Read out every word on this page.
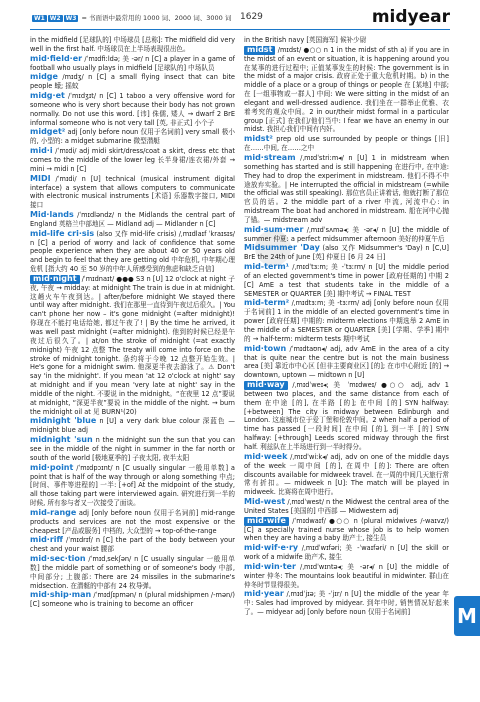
W1 W2 W3 = 书面语中最常用的 1000 词、2000 词、3000 词 1629	midyear
in the midfield [足球队的] 中场球员 [总称]: The midfield did very well in the first half. 中场球员在上半场表现很出色。
mid·field·er /ˈmɪdfiːldə; 美 -ər/ n [C] a player in a game of football who usually plays in midfield [足球队的] 中场队员
midge /mɪdʒ/ n [C] a small flying insect that can bite people 蠓; 摇蚊
midg·et /ˈmɪdʒɪt/ n [C] 1 taboo a very offensive word for someone who is very short because their body has not grown normally. Do not use this word. [讳] 侏儒, 矮人 → dwarf 2 BrE informal someone who is not very tall [英, 非正式] 小个子
midget² adj [only before noun 仅用于名词前] very small 极小的, 小型的: a midget submarine 微型潜艇
mid·i /ˈmɪdi/ adj midi skirt/dress/coat a skirt, dress etc that comes to the middle of the lower leg 长半身裙/连衣裙/外套 → mini → midi n [C]
MIDI /ˈmɪdi/ n [U] technical (musical instrument digital interface) a system that allows computers to communicate with electronic musical instruments [术语] 乐器数字接口, MIDI 接口
Mid·lands /ˈmɪdləndz/ n the Midlands the central part of England 英格兰中部地区 — Midland adj — Midlander n [C]
mid-life cri·sis (also 又作 mid-life crisis) /ˌmɪdlaɪf ˈkraɪsɪs/ n [C] a period of worry and lack of confidence that some people experience when they are about 40 or 50 years old and begin to feel that they are getting old 中年危机, 中年期心理危机 [指大约 40 至 50 岁的中年人所感受到的焦虑和缺乏自信]
mid·night /ˈmɪdnaɪt/ ●●● S3 n [U] 12 o'clock at night 子夜, 午夜 → midday: at midnight The train is due in at midnight. 这趟火车午夜到达。| after/before midnight We stayed there until way after midnight. 我们在那里一直待到午夜过后很久。| You can't phone her now – it's gone midnight (=after midnight)! 你现在不能打电话给她, 都过午夜了! | By the time he arrived, it was well past midnight (=after midnight). 他到的时候已经是午夜过后很久了。| at/on the stroke of midnight (=at exactly midnight) 午夜 12 点整 The treaty will come into force on the stroke of midnight tonight. 条约将于今晚 12 点整开始生效。| He's gone for a midnight swim. 他深更半夜去游泳了。⚠ Don't say 'in the midnight'. If you mean 'at 12 o'clock at night' say at midnight and if you mean 'very late at night' say in the middle of the night. 不要说 in the midnight。“在夜里 12 点”要说 at midnight, “深更半夜”要说 in the middle of the night. → burn the midnight oil at 见 BURN¹(20)
midnight 'blue n [U] a very dark blue colour 深蓝色 — midnight blue adj
midnight 'sun n the midnight sun the sun that you can see in the middle of the night in summer in the far north or south of the world [极地夏季的] 子夜太阳, 夜半太阳
mid·point /ˈmɪdpɔɪnt/ n [C usually singular 一般用单数] a point that is half of the way through or along something 中点; [时间、事件等进程的] 一半: [+of] At the midpoint of the study, all those taking part were interviewed again. 研究进行到一半的时候, 所有参与者又一次接受了面谈。
mid-range adj [only before noun 仅用于名词前] mid-range products and services are not the most expensive or the cheapest [产品或服务] 中档的, 大众型的 → top-of-the-range
mid·riff /ˈmɪdrɪf/ n [C] the part of the body between your chest and your waist 腰部
mid·sec·tion /ˈmɪdˌsekʃən/ n [C usually singular 一般用单数] the middle part of something or of someone's body 中部, 中间部分; 上腹部: There are 24 missiles in the submarine's midsection. 在潜艇的中部有 24 枚导弹。
mid·ship·man /ˈmɪdʃɪpmən/ n (plural midshipmen /-mən/) [C] someone who is training to become an officer
in the British navy [英国海军] 候补少尉
midst /mɪdst/ ●○○ n 1 in the midst of sth a) if you are in the midst of an event or situation, it is happening around you 在某事的进行过程中; 正值某事发生的时候: The government is in the midst of a major crisis. 政府正处于重大危机时期。b) in the middle of a place or a group of things or people 在 [某地] 中部; 在 [一组事物或一群人] 中间: We were sitting in the midst of an elegant and well-dressed audience. 我们坐在一群举止优雅、衣着考究的观众中间。2 in our/their midst formal in a particular group [正式] 在我们/他们当中: I fear we have an enemy in our midst. 我担心我们中间有内奸。
midst² prep old use surrounded by people or things [旧] 在……中间, 在……之中
mid·stream /ˌmɪdˈstriːm◂/ n [U] 1 in midstream when something has started and is still happening 在进行中, 在中途: They had to drop the experiment in midstream. 他们不得不中途放弃实验。| He interrupted the official in midstream (=while the official was still speaking). 那位官员正讲着话, 他就打断了那位官员的话。2 the middle part of a river 中流, 河流中心: in midstream The boat had anchored in midstream. 船在河中心抛了锚。— midstream adv
mid·sum·mer /ˌmɪdˈsʌmə◂; 美 -ər◂/ n [U] the middle of summer 仲夏: a perfect midsummer afternoon 美好的仲夏午后
Midsummer 'Day (also 又作 Midsummer's 'Day) n [C,U] BrE the 24th of June [英] 仲夏日 [6 月 24 日]
mid-term¹ /ˌmɪdˈtɜːm; 美 -ˈtɜːrm/ n [U] the middle period of an elected government's time in power [政府任期的] 中期 2 [C] AmE a test that students take in the middle of a SEMESTER or QUARTER [美] 期中考试 → FINAL TEST
mid-term² /ˌmɪdtɜːm; 美 -tɜːrm/ adj [only before noun 仅用于名词前] 1 in the middle of an elected government's time in power [政府任期] 中期的: midterm elections 中期选举 2 AmE in the middle of a SEMESTER or QUARTER [美] [学期、学季] 期中的 → half-term: midterm tests 期中考试
mid·town /ˈmɪdtaʊn◂/ adj, adv AmE in the area of a city that is quite near the centre but is not the main business area [美] 靠近市中心区 [但非主要商业区] [的]; 在市中心附近 [的] → downtown, uptown — midtown n [U]
mid·way /ˌmɪdˈweɪ◂; 美 ˈmɪdweɪ/ ●○○ adj, adv 1 between two places, and the same distance from each of them 在中途 [的], 在半路 [的]; 在中间 [的] SYN halfway: [+between] The city is midway between Edinburgh and London. 这座城市位于爱丁堡和伦敦中间。2 when half a period of time has passed [一段时间] 在中间 [的], 到一半 [的] SYN halfway: [+through] Leeds scored midway through the first half. 利兹队在上半场进行到一半时得分。
mid·week /ˌmɪdˈwiːk◂/ adj, adv on one of the middle days of the week 一周中间 [的], 在周中 [的]: There are often discounts available for midweek travel. 在一周的中间几天旅行常常有折扣。— midweek n [U]: The match will be played in midweek. 比赛将在周中进行。
Mid-west /ˌmɪdˈwest/ n the Midwest the central area of the United States [美国的] 中西部 — Midwestern adj
mid·wife /ˈmɪdwaɪf/ ●○○ n (plural midwives /-waɪvz/) [C] a specially trained nurse whose job is to help women when they are having a baby 助产士, 接生员
mid·wif·e·ry /ˌmɪdˈwɪfəri; 美 -ˈwaɪfəri/ n [U] the skill or work of a midwife 助产术, 接生
mid·win·ter /ˌmɪdˈwɪntə◂; 美 -ər◂/ n [U] the middle of winter 仲冬: The mountains look beautiful in midwinter. 群山在仲冬时节显得很美。
mid·year /ˌmɪdˈjɪə; 美 -ˈjɪr/ n [U] the middle of the year 年中: Sales had improved by midyear. 到年中时, 销售情况好起来了。— midyear adj [only before noun 仅用于名词前]	M
